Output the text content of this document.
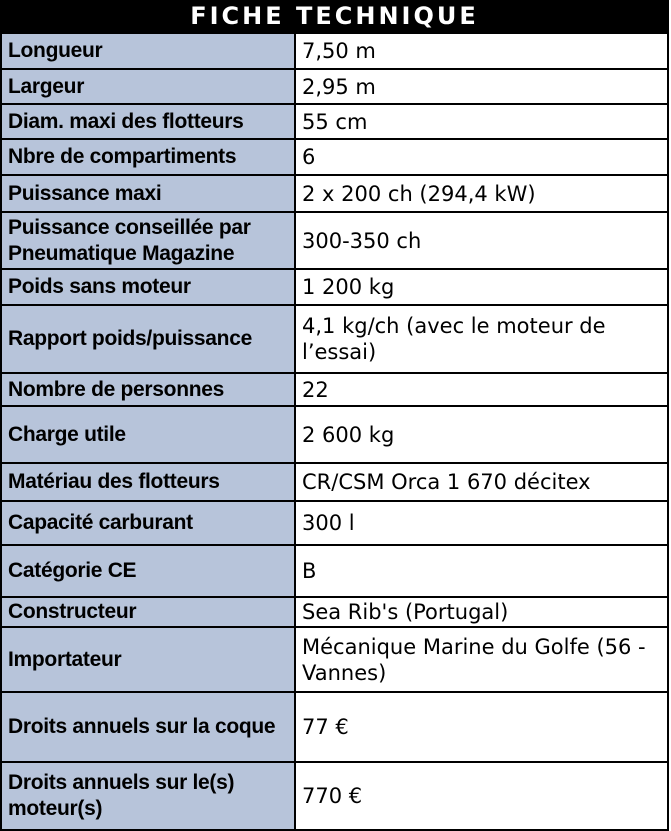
FICHE TECHNIQUE
Longueur	7,50 m
Largeur	2,95 m
Diam. maxi des flotteurs	55 cm
Nbre de compartiments	6
Puissance maxi	2 x 200 ch (294,4 kW)
Puissance conseillée par Pneumatique Magazine	300-350 ch
Poids sans moteur	1 200 kg
Rapport poids/puissance	4,1 kg/ch (avec le moteur de l’essai)
Nombre de personnes	22
Charge utile	2 600 kg
Matériau des flotteurs	CR/CSM Orca 1 670 décitex
Capacité carburant	300 l
Catégorie CE	B
Constructeur	Sea Rib's (Portugal)
Importateur	Mécanique Marine du Golfe (56 - Vannes)
Droits annuels sur la coque	77 €
Droits annuels sur le(s) moteur(s)	770 €
